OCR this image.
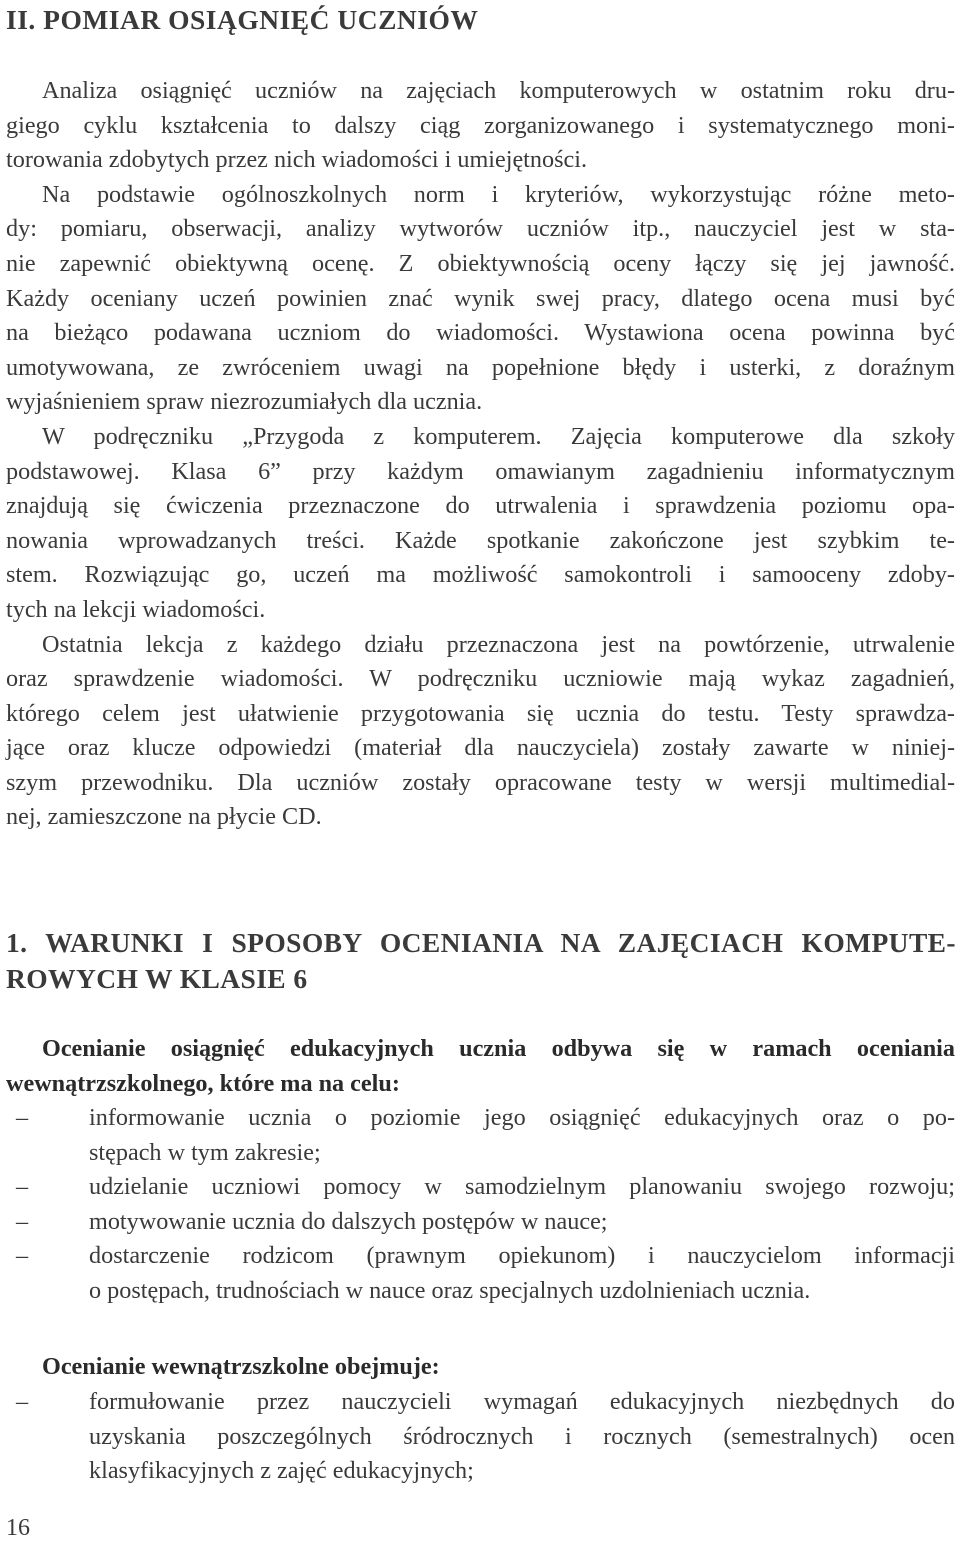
II. POMIAR OSIĄGNIĘĆ UCZNIÓW
Analiza osiągnięć uczniów na zajęciach komputerowych w ostatnim roku dru-
giego cyklu kształcenia to dalszy ciąg zorganizowanego i systematycznego moni-
torowania zdobytych przez nich wiadomości i umiejętności.
Na podstawie ogólnoszkolnych norm i kryteriów, wykorzystując różne meto-
dy: pomiaru, obserwacji, analizy wytworów uczniów itp., nauczyciel jest w sta-
nie zapewnić obiektywną ocenę. Z obiektywnością oceny łączy się jej jawność.
Każdy oceniany uczeń powinien znać wynik swej pracy, dlatego ocena musi być
na bieżąco podawana uczniom do wiadomości. Wystawiona ocena powinna być
umotywowana, ze zwróceniem uwagi na popełnione błędy i usterki, z doraźnym
wyjaśnieniem spraw niezrozumiałych dla ucznia.
W podręczniku „Przygoda z komputerem. Zajęcia komputerowe dla szkoły
podstawowej. Klasa 6” przy każdym omawianym zagadnieniu informatycznym
znajdują się ćwiczenia przeznaczone do utrwalenia i sprawdzenia poziomu opa-
nowania wprowadzanych treści. Każde spotkanie zakończone jest szybkim te-
stem. Rozwiązując go, uczeń ma możliwość samokontroli i samooceny zdoby-
tych na lekcji wiadomości.
Ostatnia lekcja z każdego działu przeznaczona jest na powtórzenie, utrwalenie
oraz sprawdzenie wiadomości. W podręczniku uczniowie mają wykaz zagadnień,
którego celem jest ułatwienie przygotowania się ucznia do testu. Testy sprawdza-
jące oraz klucze odpowiedzi (materiał dla nauczyciela) zostały zawarte w niniej-
szym przewodniku. Dla uczniów zostały opracowane testy w wersji multimedial-
nej, zamieszczone na płycie CD.
1. WARUNKI I SPOSOBY OCENIANIA NA ZAJĘCIACH KOMPUTE-
ROWYCH W KLASIE 6
Ocenianie osiągnięć edukacyjnych ucznia odbywa się w ramach oceniania
wewnątrzszkolnego, które ma na celu:
–	informowanie ucznia o poziomie jego osiągnięć edukacyjnych oraz o po-
stępach w tym zakresie;
–	udzielanie uczniowi pomocy w samodzielnym planowaniu swojego rozwoju;
–	motywowanie ucznia do dalszych postępów w nauce;
–	dostarczenie rodzicom (prawnym opiekunom) i nauczycielom informacji
o postępach, trudnościach w nauce oraz specjalnych uzdolnieniach ucznia.
Ocenianie wewnątrzszkolne obejmuje:
–	formułowanie przez nauczycieli wymagań edukacyjnych niezbędnych do
uzyskania poszczególnych śródrocznych i rocznych (semestralnych) ocen
klasyfikacyjnych z zajęć edukacyjnych;
16
